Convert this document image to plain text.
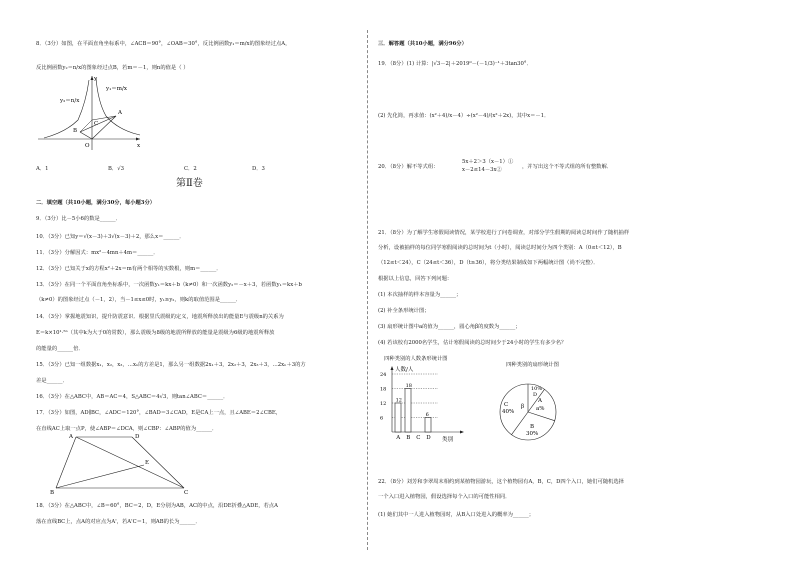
8．（3分）如图，在平面直角坐标系中，∠ACB＝90°，∠OAB＝30°，反比例函数y₁＝m/x的图象经过点A，
反比例函数y₂＝n/x的图象经过点B，若m＝－1，则n的值是（ ）
y₂＝n/x
y₁＝m/x
y
x
A
B
C
O
A．1	B．√3	C．2	D．3
第Ⅱ卷
二．填空题（共10小题，满分30分，每小题3分）
9．（3分）比－5小6的数是______．
10．（3分）已知y＝√(x－3)＋3√(x－3)＋2，那么x＝______．
11．（3分）分解因式：mx²－4mn＋4m＝______．
12．（3分）已知关于x的方程x²＋2x＝m有两个相等的实数根，则m＝______．
13．（3分）在同一个平面直角坐标系中，一次函数y₁＝kx＋b（k≠0）和一次函数y₂＝－x＋3，若函数y₁＝kx＋b
（k≠0）的图象经过点（－1，2），当－1≤x≤0时，y₁≥y₂，则k的取值范围是______．
14．（3分）掌握地震知识，提升防震意识．根据里氏震级的定义，地震所释放出的能量E与震级n的关系为
E＝k×10¹·⁵ⁿ（其中k为大于0的常数），那么震级为8级的地震所释放的能量是震级为6级的地震所释放
的能量的______倍．
15．（3分）已知一组数据x₁，x₂，x₃，…xₙ的方差是1，那么另一组数据2x₁＋3，2x₂＋3，2x₃＋3，…2xₙ＋3的方
差是______．
16．（3分）在△ABC中，AB＝AC＝4，S△ABC＝4√3，则tan∠ABC＝______．
17．（3分）如图，AD∥BC，∠ADC＝120°，∠BAD＝3∠CAD，E是CA上一点，且∠ABE＝2∠CBE，
在直线AC上取一点P，使∠ABP＝∠DCA，则∠CBP：∠ABP的值为______．
A	D
E
B	C
18．（3分）在△ABC中，∠B＝60°，BC＝2，D，E分别为AB，AC的中点，沿DE折叠△ADE，若点A
落在直线BC上，点A的对应点为A'，若A'C＝1，则AB的长为______．
三．解答题（共10小题，满分96分）
19．（8分）(1) 计算：|√3－2|＋2019⁰－(－1/3)⁻¹＋3tan30°．
(2) 先化简，再求值：(x²＋4)/x－4）÷(x²－4)/(x²＋2x)，其中x＝－1．
20．（8分）解不等式组：
5x＋2＞3（x－1）①
x－2≤14－3x②	，并写出这个不等式组的所有整数解．
21．（8分）为了解学生寒假阅读情况，某学校进行了问卷调查，对部分学生假期的阅读总时间作了随机抽样
分析，设被抽样的每位同学寒假阅读的总时间为t（小时），阅读总时间分为四个类别：A（0≤t＜12），B
（12≤t＜24），C（24≤t＜36），D（t≥36），将分类结果制成如下两幅统计图（尚不完整）．
根据以上信息，回答下列问题：
(1) 本次抽样的样本容量为______；
(2) 补全条形统计图；
(3) 扇形统计图中a的值为______，圆心角β的度数为______；
(4) 若该校有2000名学生，估计寒假阅读的总时间少于24小时的学生有多少名？
四种类别的人数条形统计图
四种类别的扇形统计图
人数/人
类别
6
12
18
24
12
A
18
B C
6
D
C
40%
β
A
a%
10%
D
B
30%
22．（8分）刘芳和李翠周末相约到某植物园游玩，这个植物园有A，B，C，D四个入口，她们可随机选择
一个入口进入植物园，假设选择每个入口的可能性相同．
(1) 她们其中一人进入植物园时，从B入口处进入的概率为______；
